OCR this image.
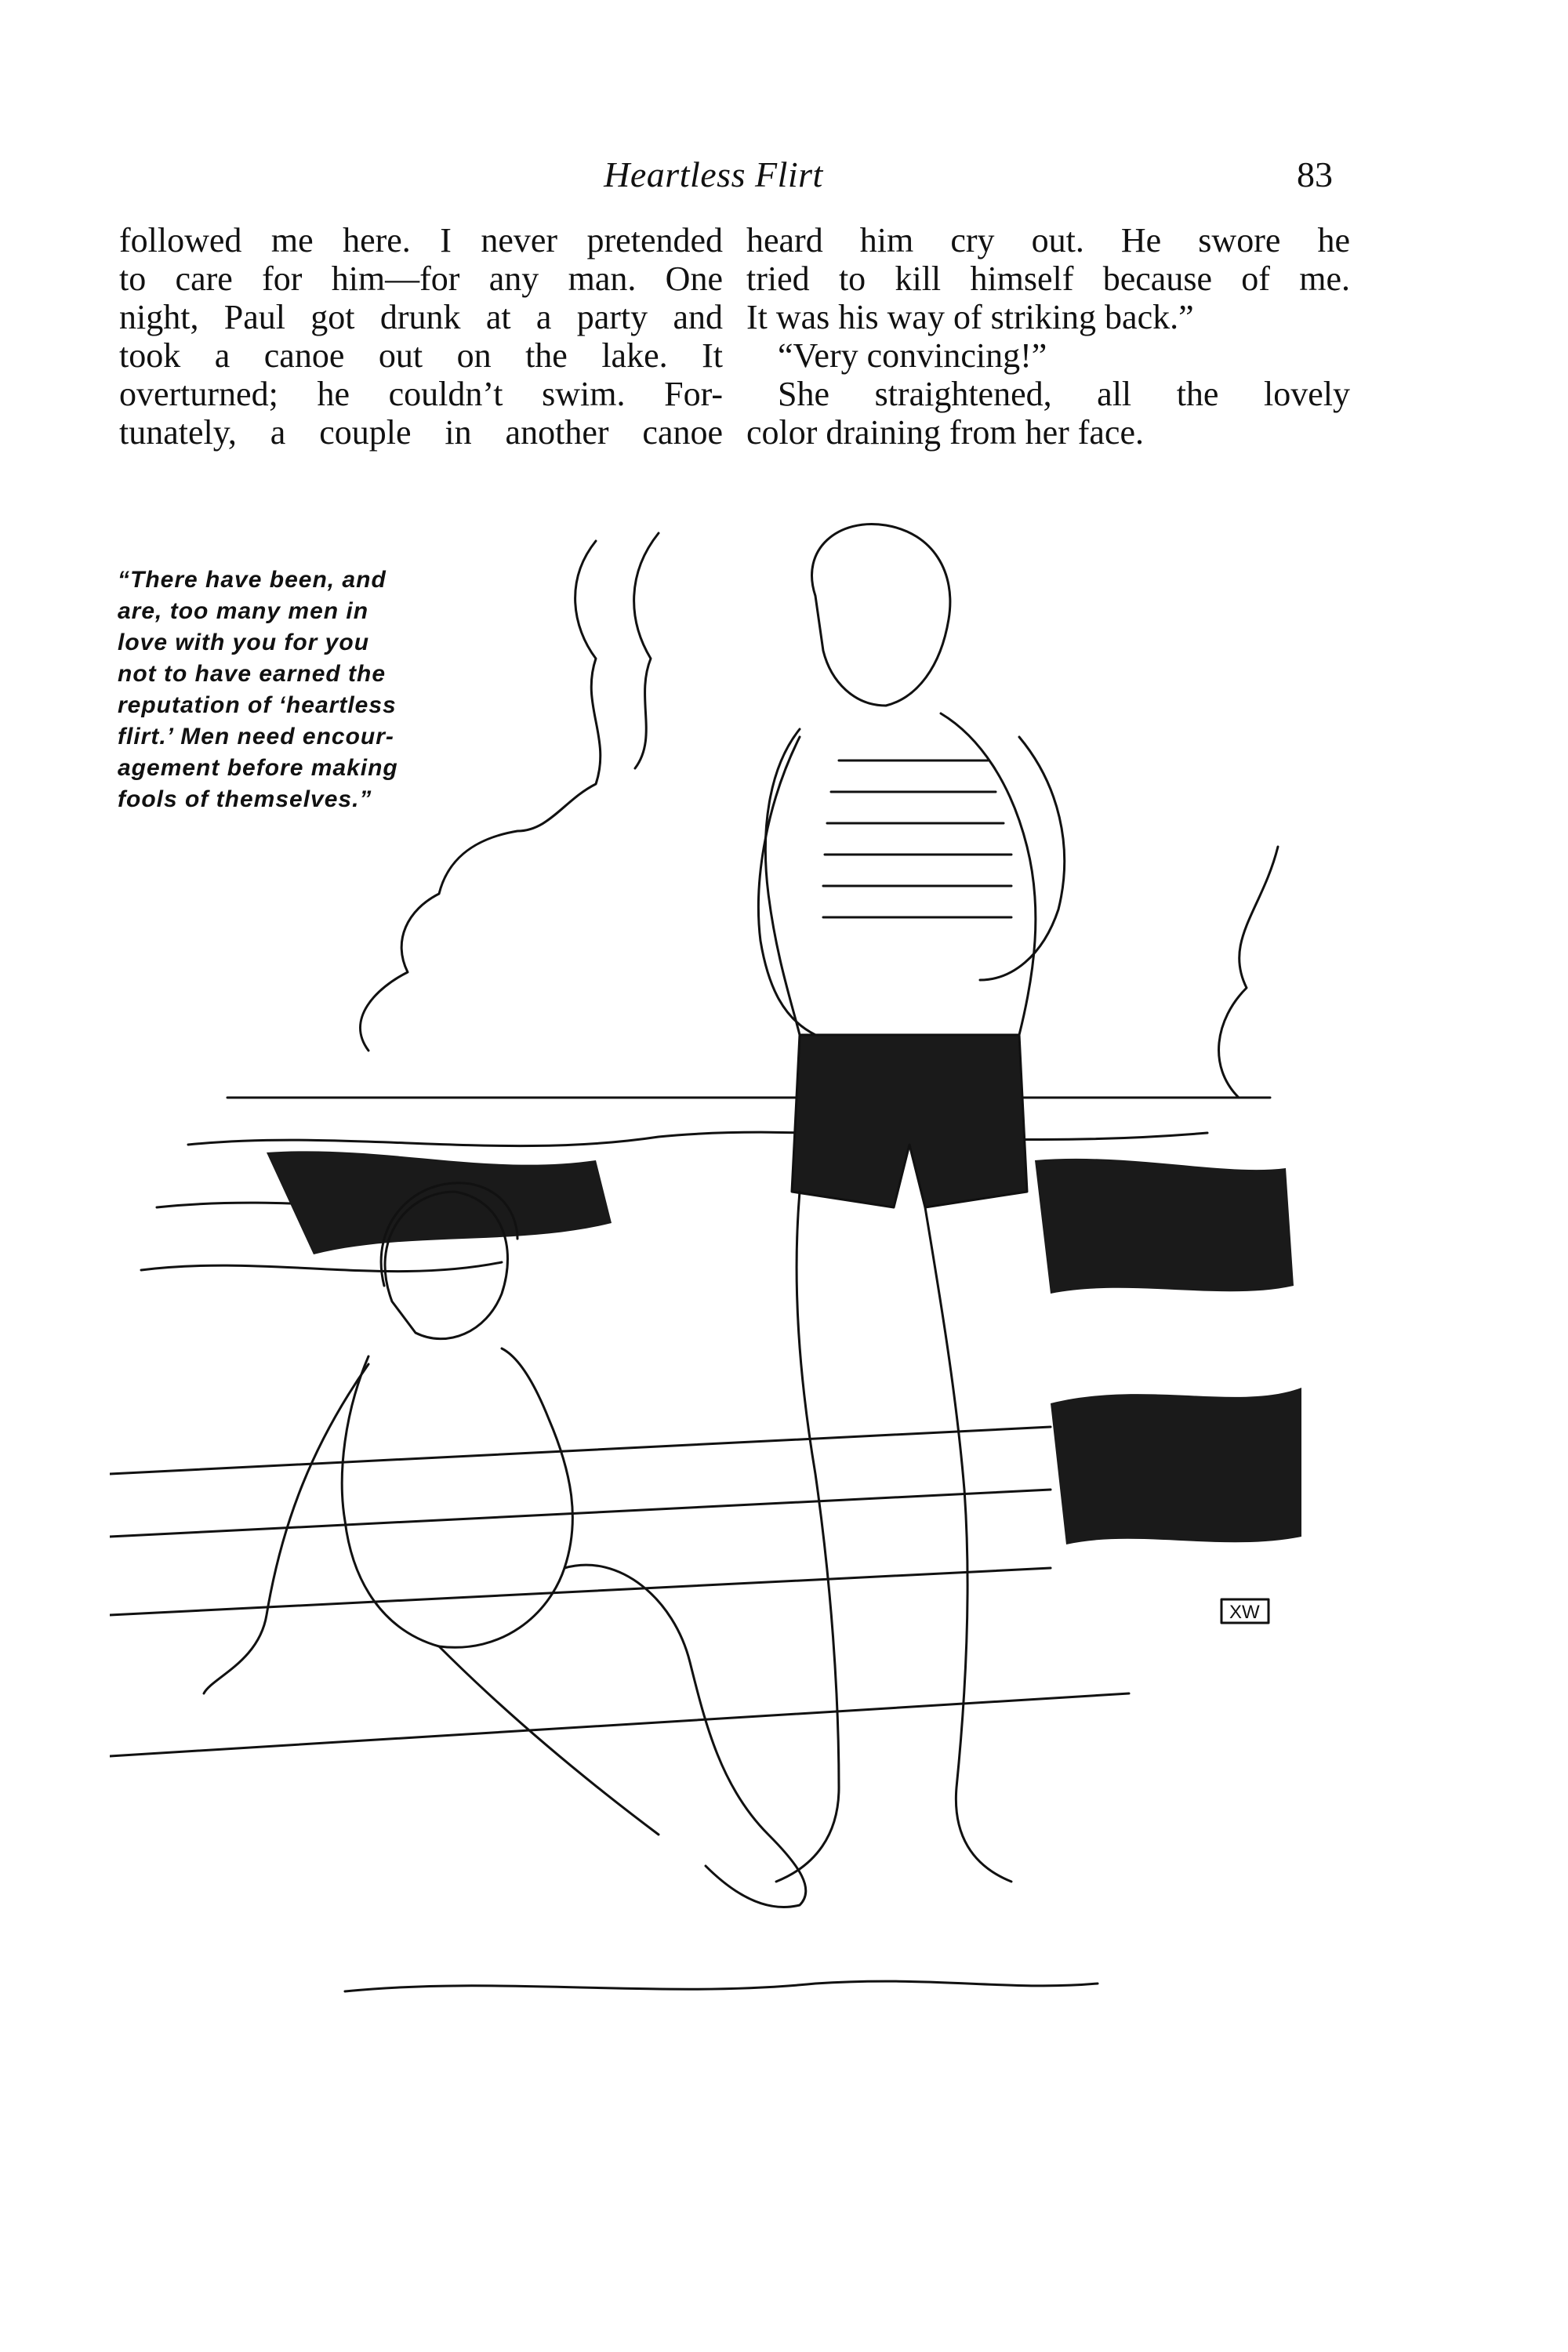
Heartless Flirt	83
followed me here. I never pretended
to care for him—for any man. One
night, Paul got drunk at a party and
took a canoe out on the lake. It
overturned; he couldn’t swim. For-
tunately, a couple in another canoe
heard him cry out. He swore he
tried to kill himself because of me.
It was his way of striking back.”
“Very convincing!”
She straightened, all the lovely
color draining from her face.
XW
“There have been, and
are, too many men in
love with you for you
not to have earned the
reputation of ‘heartless
flirt.’ Men need encour-
agement before making
fools of themselves.”
